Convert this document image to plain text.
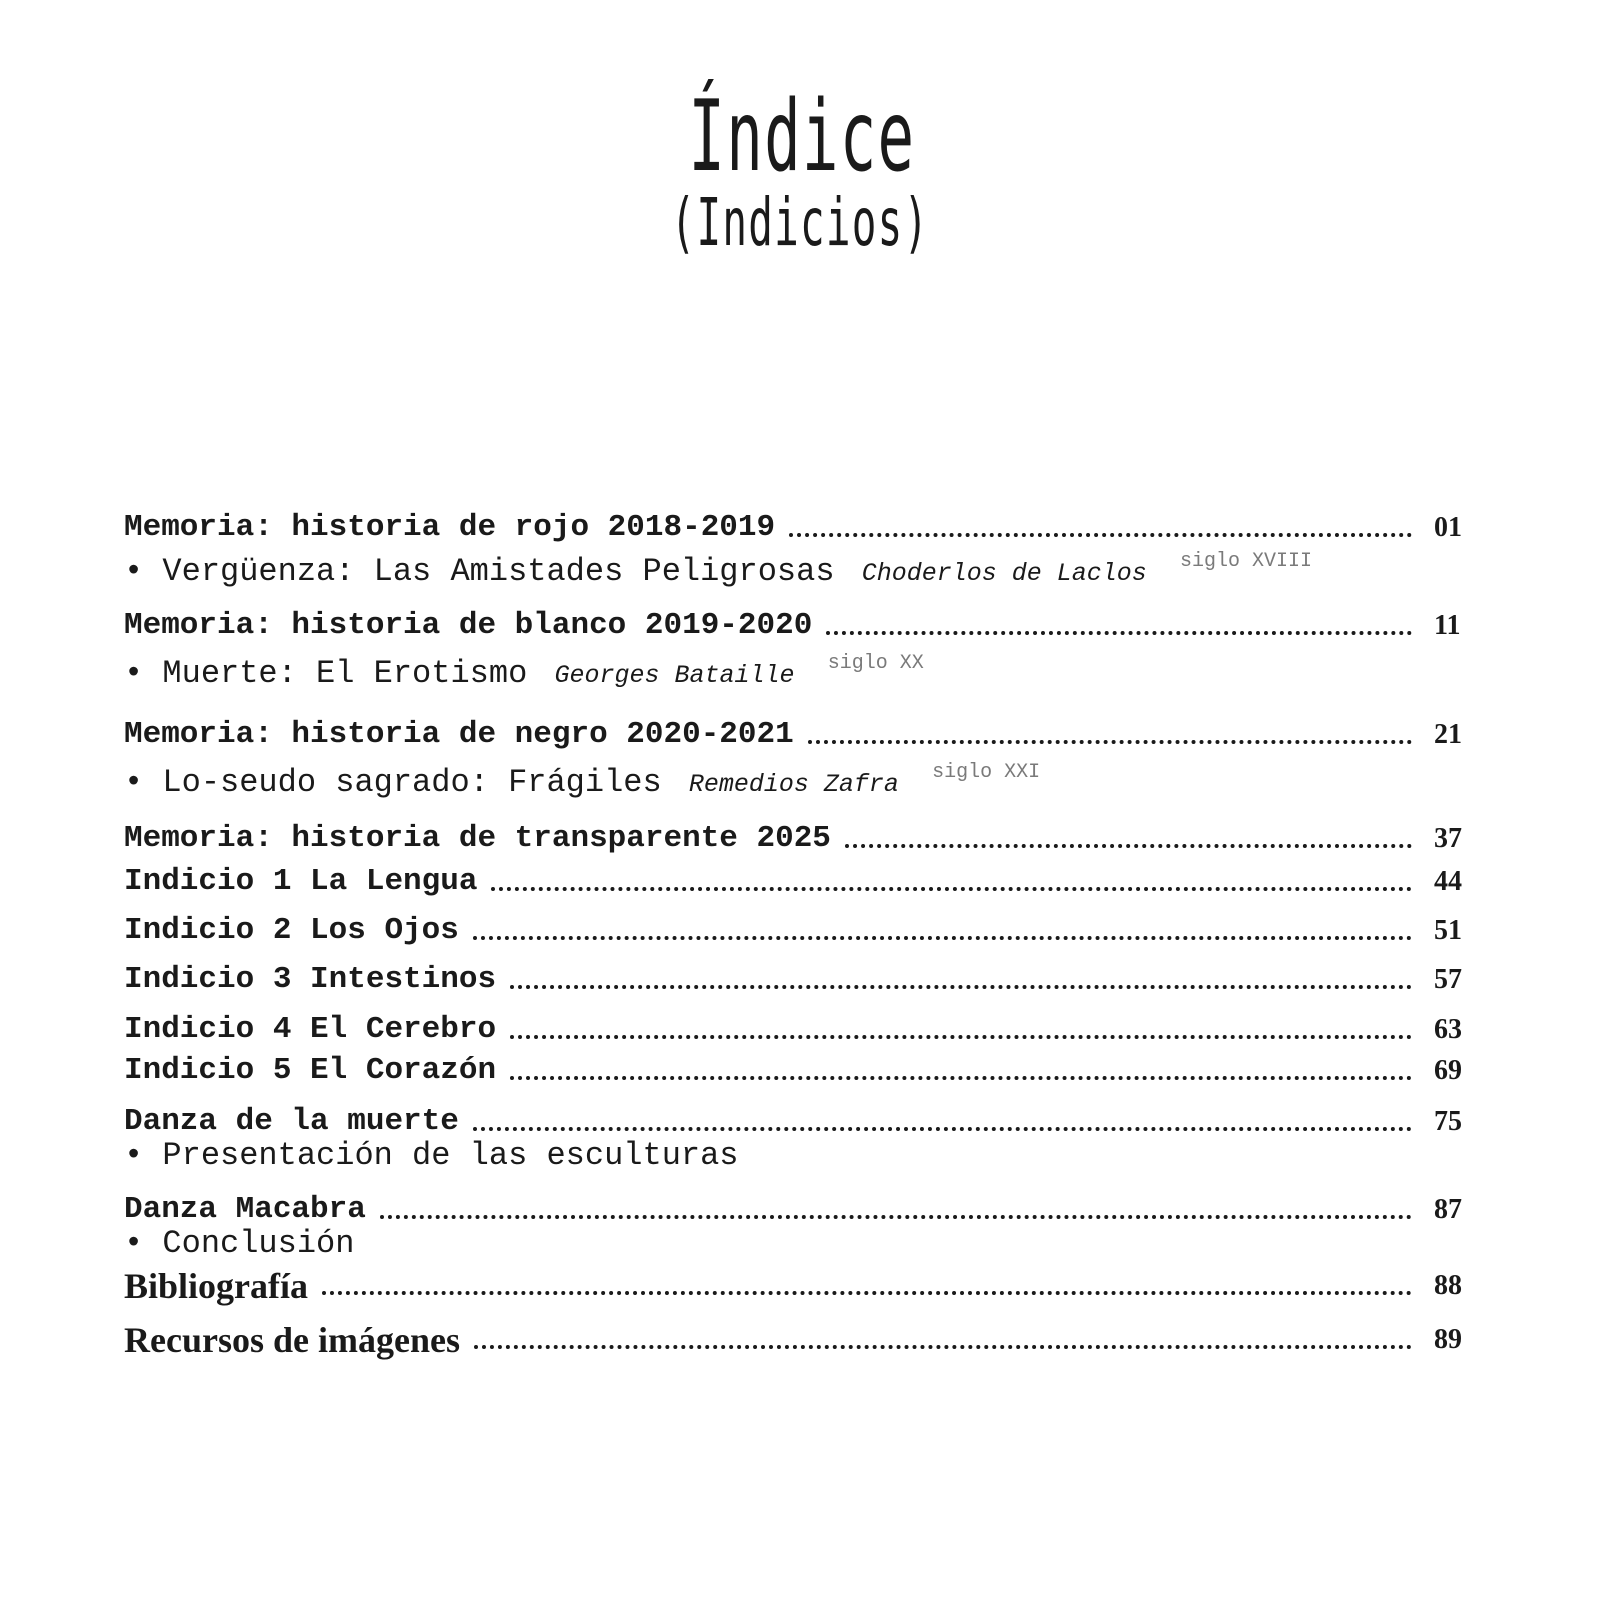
Índice
(Indicios)
Memoria: historia de rojo 2018-2019	01
• Vergüenza: Las Amistades Peligrosas Choderlos de Laclos $^{siglo XVIII}$
Memoria: historia de blanco 2019-2020	11
• Muerte: El Erotismo Georges Bataille $^{siglo XX}$
Memoria: historia de negro 2020-2021	21
• Lo-seudo sagrado: Frágiles Remedios Zafra $^{siglo XXI}$
Memoria: historia de transparente 2025	37
Indicio 1 La Lengua	44
Indicio 2 Los Ojos	51
Indicio 3 Intestinos	57
Indicio 4 El Cerebro	63
Indicio 5 El Corazón	69
Danza de la muerte	75
• Presentación de las esculturas
Danza Macabra	87
• Conclusión
Bibliografía	88
Recursos de imágenes	89
